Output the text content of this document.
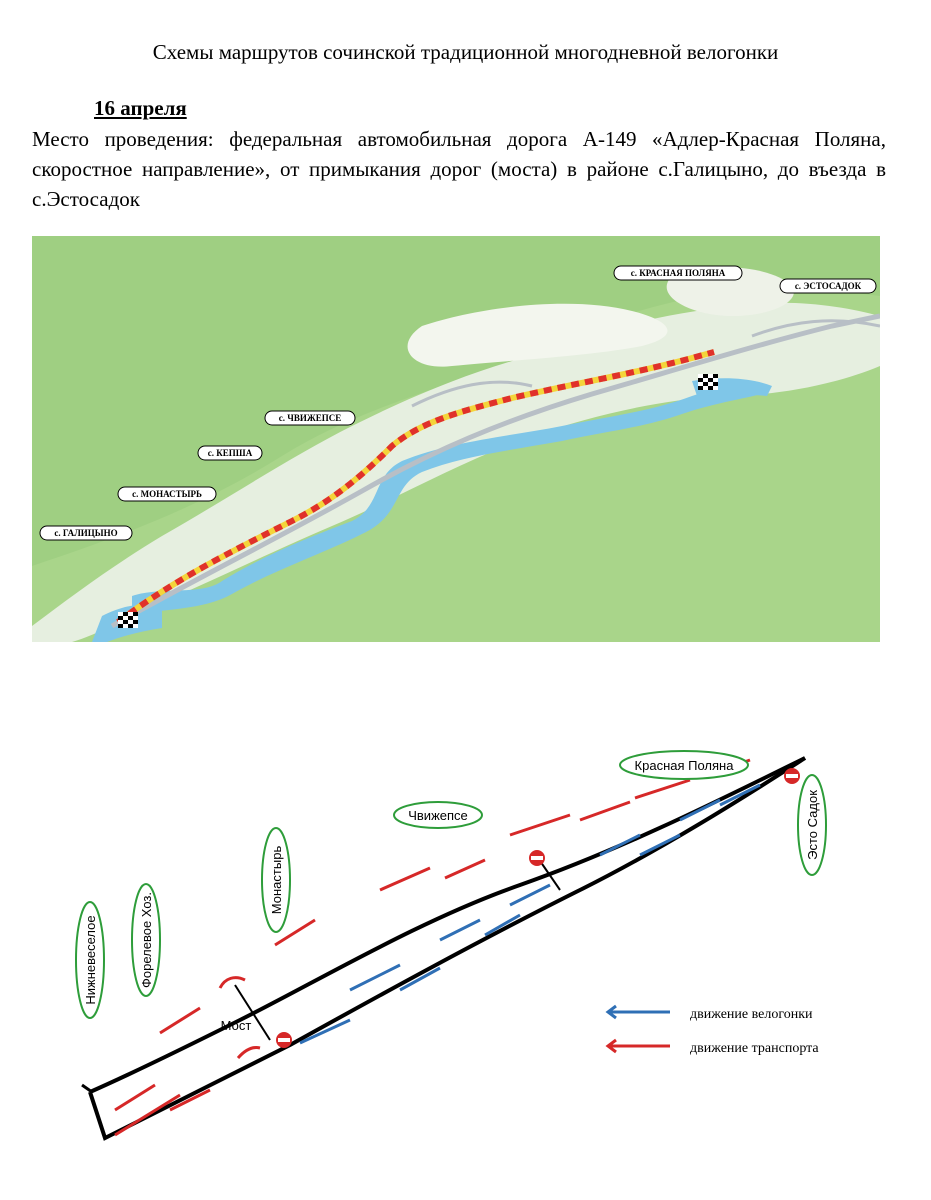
Схемы маршрутов сочинской традиционной многодневной велогонки
16 апреля
Место проведения: федеральная автомобильная дорога А-149 «Адлер-Красная Поляна, скоростное направление», от примыкания дорог (моста) в районе с.Галицыно, до въезда в с.Эстосадок
с. КРАСНАЯ ПОЛЯНА
с. ЭСТОСАДОК
с. ЧВИЖЕПСЕ
с. КЕПША
с. МОНАСТЫРЬ
с. ГАЛИЦЫНО
Красная Поляна
Чвижепсе
Монастырь
Форелевое Хоз.
Нижневеселое
Эсто Садок
Мост
движение велогонки
движение транспорта
